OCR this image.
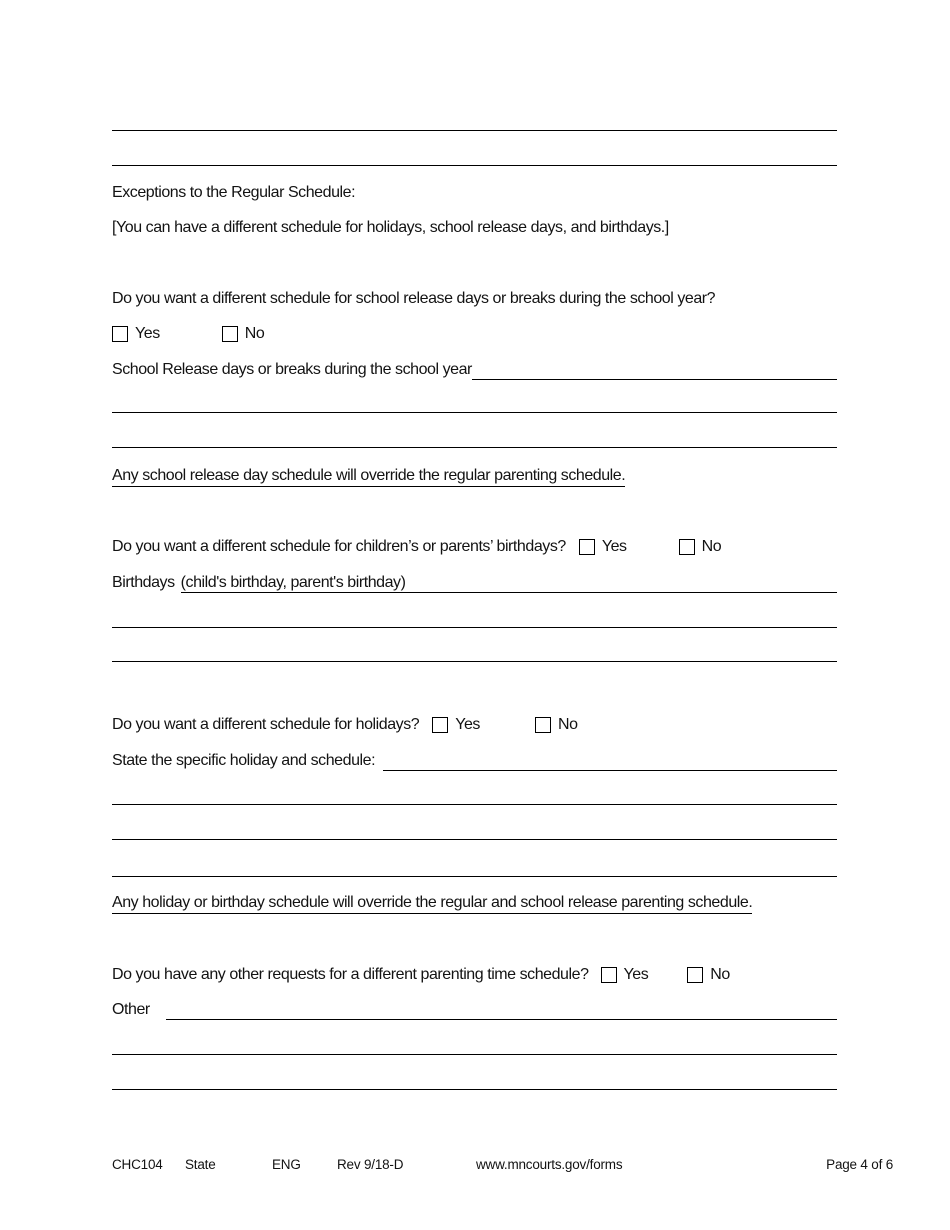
Exceptions to the Regular Schedule:
[You can have a different schedule for holidays, school release days, and birthdays.]
Do you want a different schedule for school release days or breaks during the school year?
Yes	No
School Release days or breaks during the school year
Any school release day schedule will override the regular parenting schedule.
Do you want a different schedule for children’s or parents’ birthdays? Yes	No
Birthdays (child's birthday, parent's birthday)
Do you want a different schedule for holidays? Yes	No
State the specific holiday and schedule:
Any holiday or birthday schedule will override the regular and school release parenting schedule.
Do you have any other requests for a different parenting time schedule? Yes	No
Other
CHC104 State	ENG	Rev 9/18-D	www.mncourts.gov/forms	Page 4 of 6
